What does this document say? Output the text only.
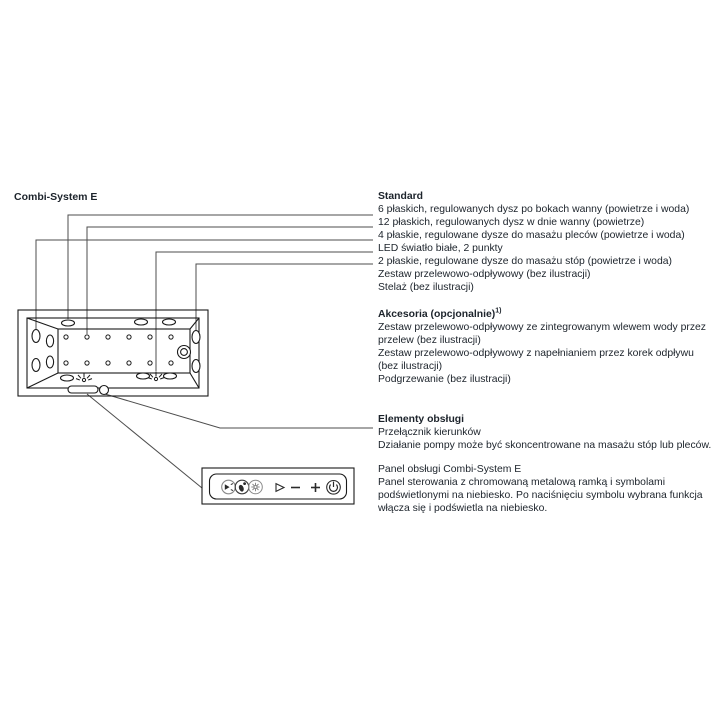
Combi-System E	Standard
6 płaskich, regulowanych dysz po bokach wanny (powietrze i woda)
12 płaskich, regulowanych dysz w dnie wanny (powietrze)
4 płaskie, regulowane dysze do masażu pleców (powietrze i woda)
LED światło białe, 2 punkty
2 płaskie, regulowane dysze do masażu stóp (powietrze i woda)
Zestaw przelewowo-odpływowy (bez ilustracji)
Stelaż (bez ilustracji)
Akcesoria (opcjonalnie)$^{1)}$
Zestaw przelewowo-odpływowy ze zintegrowanym wlewem wody przez przelew (bez ilustracji)
Zestaw przelewowo-odpływowy z napełnianiem przez korek odpływu (bez ilustracji)
Podgrzewanie (bez ilustracji)
Elementy obsługi
Przełącznik kierunków
Działanie pompy może być skoncentrowane na masażu stóp lub pleców.
Panel obsługi Combi-System E
Panel sterowania z chromowaną metalową ramką i symbolami podświetlonymi na niebiesko. Po naciśnięciu symbolu wybrana funkcja włącza się i podświetla na niebiesko.
